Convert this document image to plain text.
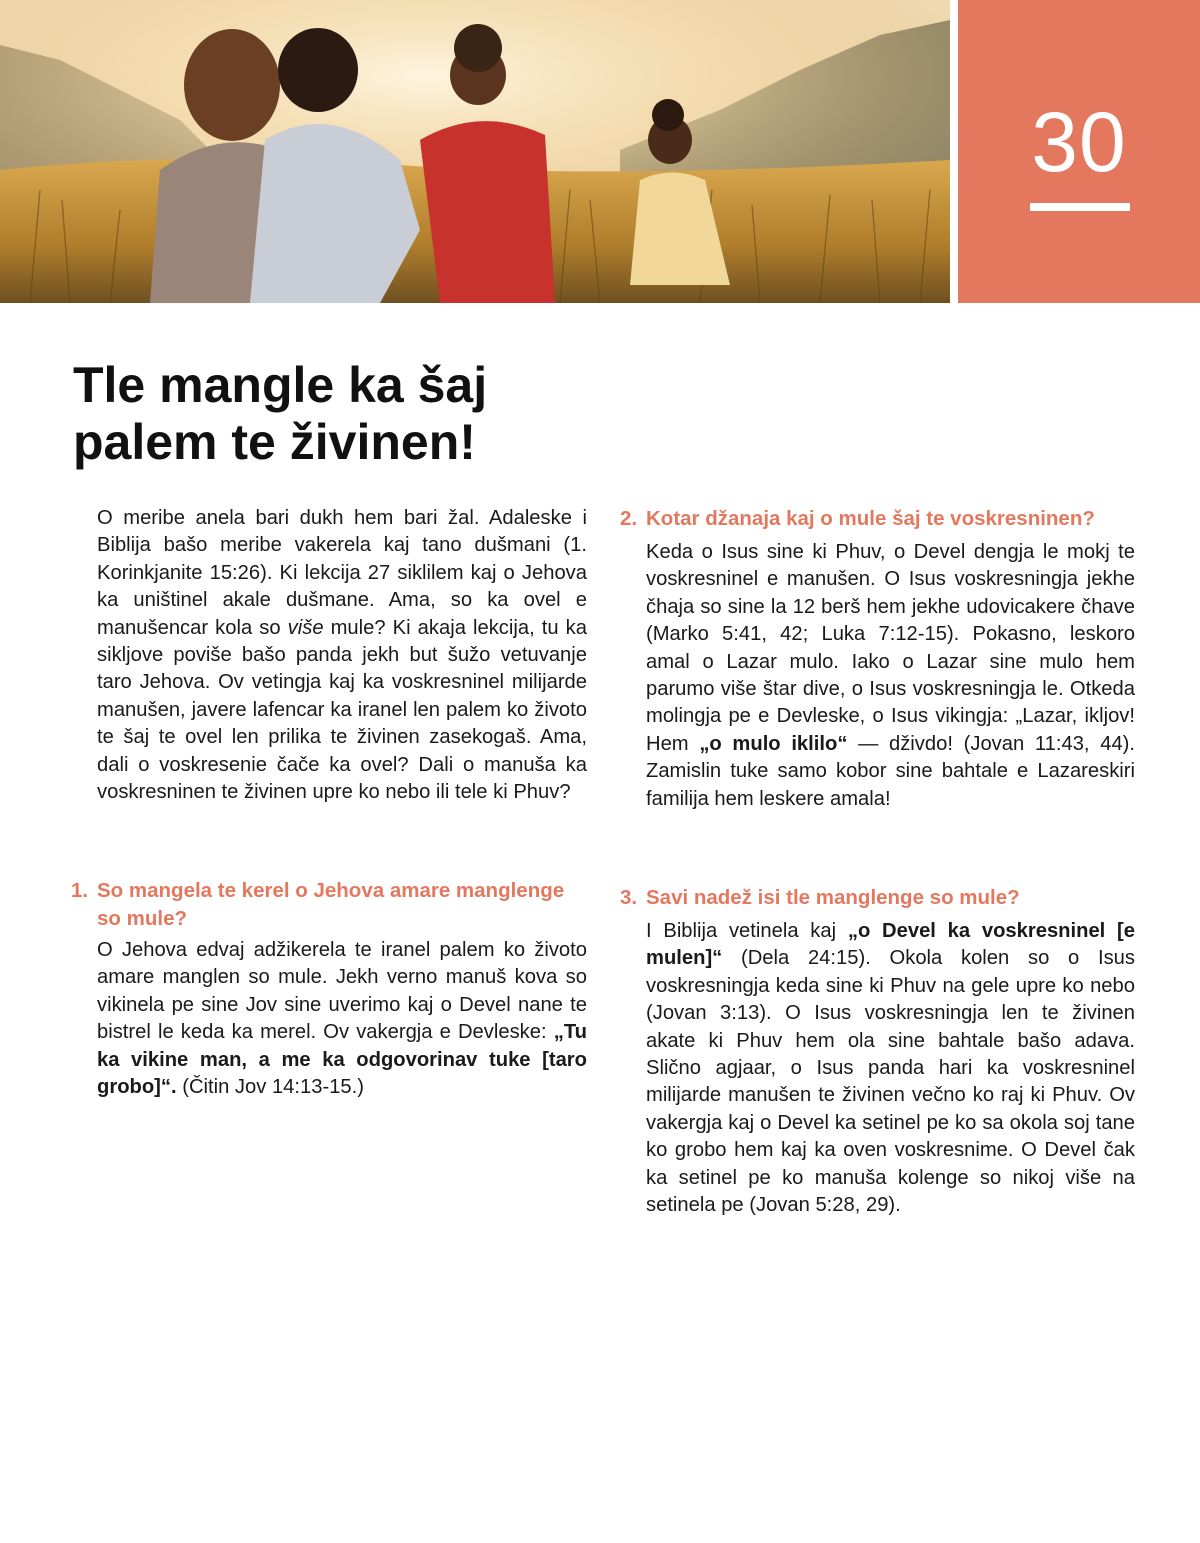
30
Tle mangle ka šaj
palem te živinen!

O meribe anela bari dukh hem bari žal. Adaleske i Biblija bašo meribe vakerela kaj tano dušmani (1. Korinkjanite 15:26). Ki lekcija 27 siklilem kaj o Jehova ka uništinel akale dušmane. Ama, so ka ovel e manušencar kola so više mule? Ki akaja lekcija, tu ka sikljove poviše bašo panda jekh but šužo vetuvanje taro Jehova. Ov vetingja kaj ka voskresninel milijarde manušen, javere lafencar ka iranel len palem ko životo te šaj te ovel len prilika te živinen zasekogaš. Ama, dali o voskresenie čače ka ovel? Dali o manuša ka voskresninen te živinen upre ko nebo ili tele ki Phuv?

1. So mangela te kerel o Jehova amare manglenge so mule?

O Jehova edvaj adžikerela te iranel palem ko životo amare manglen so mule. Jekh verno manuš kova so vikinela pe sine Jov sine uverimo kaj o Devel nane te bistrel le keda ka merel. Ov vakergja e Devleske: „Tu ka vikine man, a me ka odgovorinav tuke [taro grobo]“. (Čitin Jov 14:13-15.)

2. Kotar džanaja kaj o mule šaj te voskresninen?

Keda o Isus sine ki Phuv, o Devel dengja le mokj te voskresninel e manušen. O Isus voskresningja jekhe čhaja so sine la 12 berš hem jekhe udovicakere čhave (Marko 5:41, 42; Luka 7:12-15). Pokasno, leskoro amal o Lazar mulo. Iako o Lazar sine mulo hem parumo više štar dive, o Isus voskresningja le. Otkeda molingja pe e Devleske, o Isus vikingja: „Lazar, ikljov! Hem „o mulo iklilo“ — dživdo! (Jovan 11:43, 44). Zamislin tuke samo kobor sine bahtale e Lazareskiri familija hem leskere amala!

3. Savi nadež isi tle manglenge so mule?

I Biblija vetinela kaj „o Devel ka voskresninel [e mulen]“ (Dela 24:15). Okola kolen so o Isus voskresningja keda sine ki Phuv na gele upre ko nebo (Jovan 3:13). O Isus voskresningja len te živinen akate ki Phuv hem ola sine bahtale bašo adava. Slično agjaar, o Isus panda hari ka voskresninel milijarde manušen te živinen večno ko raj ki Phuv. Ov vakergja kaj o Devel ka setinel pe ko sa okola soj tane ko grobo hem kaj ka oven voskresnime. O Devel čak ka setinel pe ko manuša kolenge so nikoj više na setinela pe (Jovan 5:28, 29).
